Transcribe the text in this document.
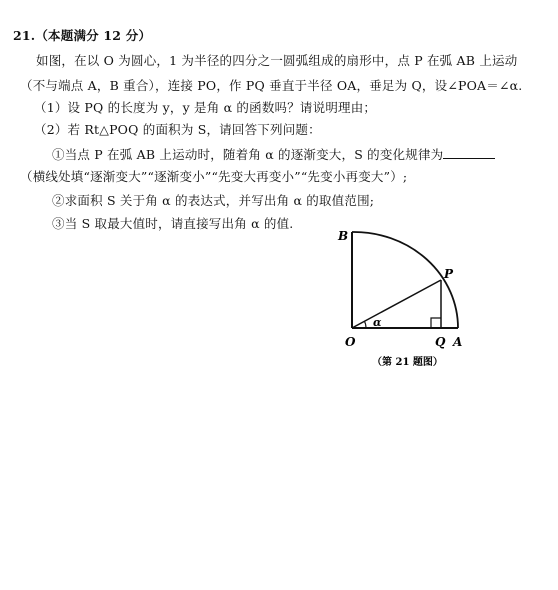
21.（本题满分 12 分）
如图，在以 O 为圆心，1 为半径的四分之一圆弧组成的扇形中，点 P 在弧 AB 上运动
（不与端点 A，B 重合），连接 PO，作 PQ 垂直于半径 OA，垂足为 Q，设∠POA＝∠α.
（1）设 PQ 的长度为 y，y 是角 α 的函数吗？请说明理由；
（2）若 Rt△POQ 的面积为 S，请回答下列问题：
①当点 P 在弧 AB 上运动时，随着角 α 的逐渐变大，S 的变化规律为
（横线处填“逐渐变大”“逐渐变小”“先变大再变小”“先变小再变大”）;
②求面积 S 关于角 α 的表达式，并写出角 α 的取值范围;
③当 S 取最大值时，请直接写出角 α 的值.
B
P
α
O	Q A
（第 21 题图）
